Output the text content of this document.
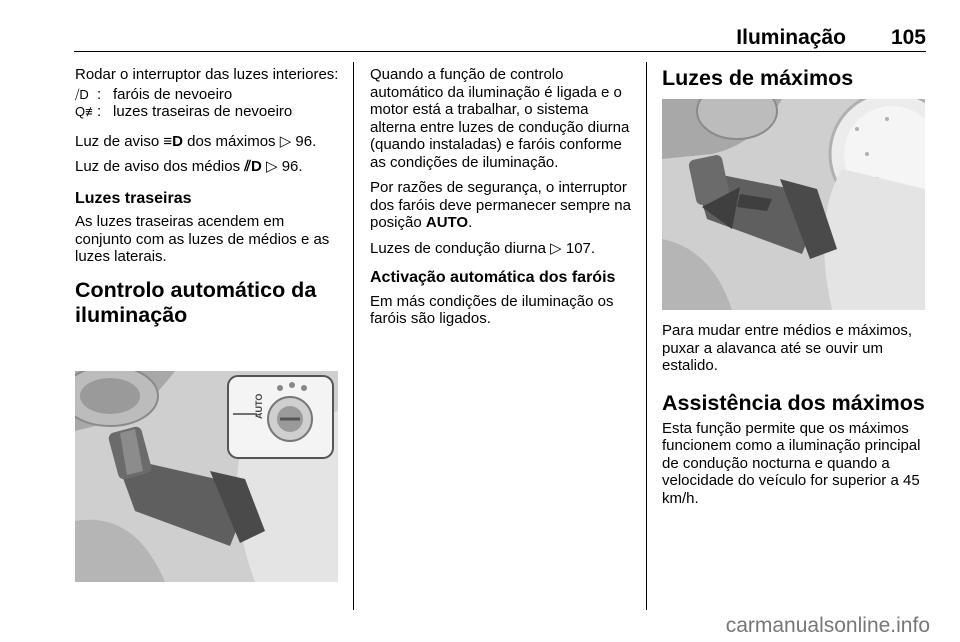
Iluminação 105

Rodar o interruptor das luzes interiores:

⧸D : faróis de nevoeiro
Q≢
: luzes traseiras de nevoeiro

Luz de aviso ≡D dos máximos ▷ 96.

Luz de aviso dos médios ⫽D ▷ 96.

Luzes traseiras

As luzes traseiras acendem em conjunto com as luzes de médios e as luzes laterais.

Controlo automático da iluminação
AUTO

Quando a função de controlo automático da iluminação é ligada e o motor está a trabalhar, o sistema alterna entre luzes de condução diurna (quando instaladas) e faróis conforme as condições de iluminação.

Por razões de segurança, o interruptor dos faróis deve permanecer sempre na posição AUTO.

Luzes de condução diurna ▷ 107.

Activação automática dos faróis

Em más condições de iluminação os faróis são ligados.

Luzes de máximos

Para mudar entre médios e máximos, puxar a alavanca até se ouvir um estalido.

Assistência dos máximos

Esta função permite que os máximos funcionem como a iluminação principal de condução nocturna e quando a velocidade do veículo for superior a 45 km/h.

carmanualsonline.info
